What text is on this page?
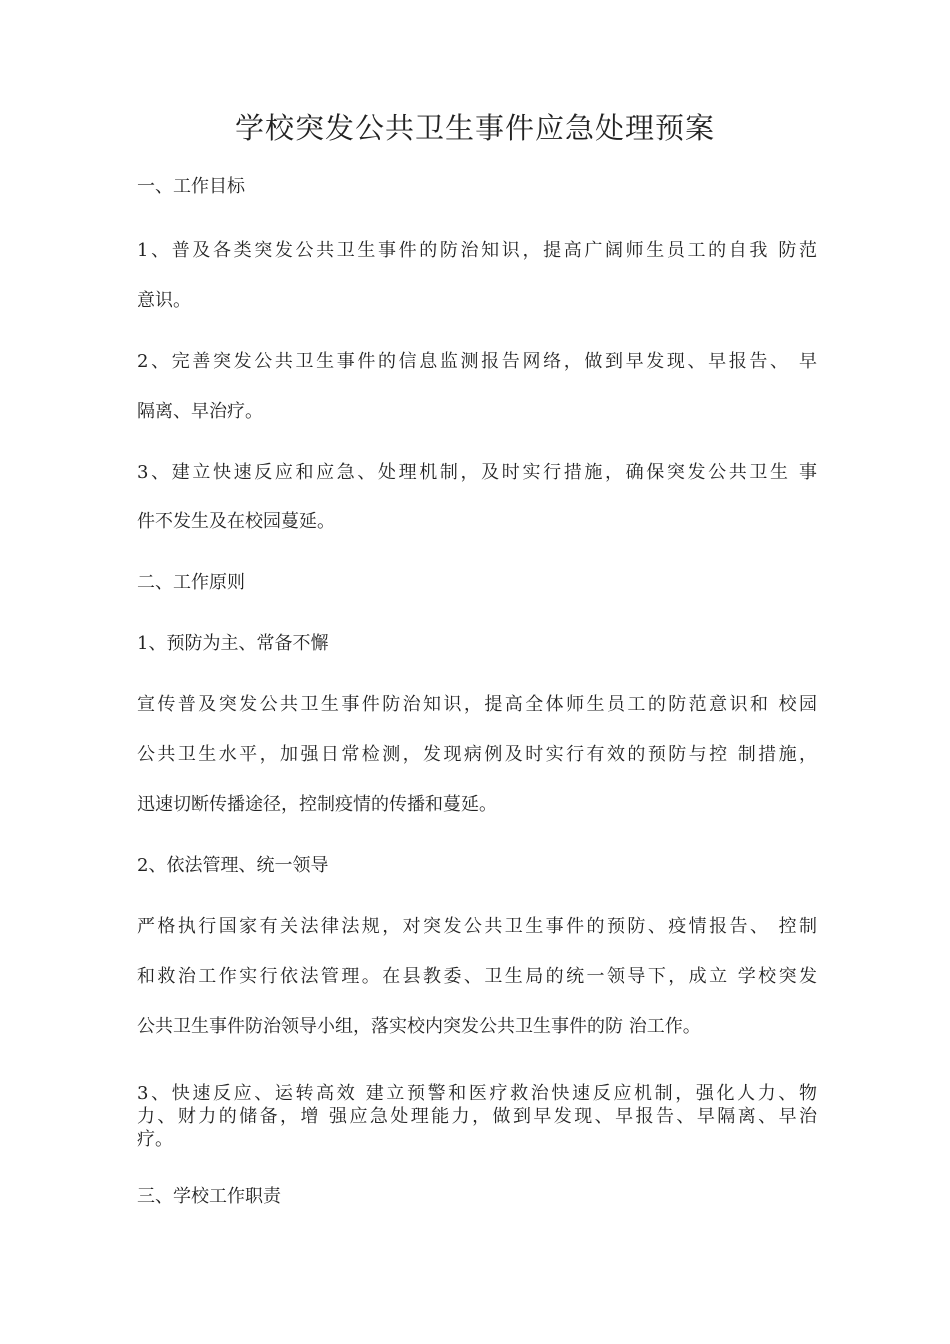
学校突发公共卫生事件应急处理预案
一、工作目标
1、普及各类突发公共卫生事件的防治知识，提高广阔师生员工的自我 防范
意识。
2、完善突发公共卫生事件的信息监测报告网络，做到早发现、早报告、 早
隔离、早治疗。
3、建立快速反应和应急、处理机制，及时实行措施，确保突发公共卫生 事
件不发生及在校园蔓延。
二、工作原则
1、预防为主、常备不懈
宣传普及突发公共卫生事件防治知识，提高全体师生员工的防范意识和 校园
公共卫生水平，加强日常检测，发现病例及时实行有效的预防与控 制措施，
迅速切断传播途径，控制疫情的传播和蔓延。
2、依法管理、统一领导
严格执行国家有关法律法规，对突发公共卫生事件的预防、疫情报告、 控制
和救治工作实行依法管理。在县教委、卫生局的统一领导下，成立 学校突发
公共卫生事件防治领导小组，落实校内突发公共卫生事件的防 治工作。
3、快速反应、运转高效 建立预警和医疗救治快速反应机制，强化人力、物
力、财力的储备，增 强应急处理能力，做到早发现、早报告、早隔离、早治
疗。
三、学校工作职责
